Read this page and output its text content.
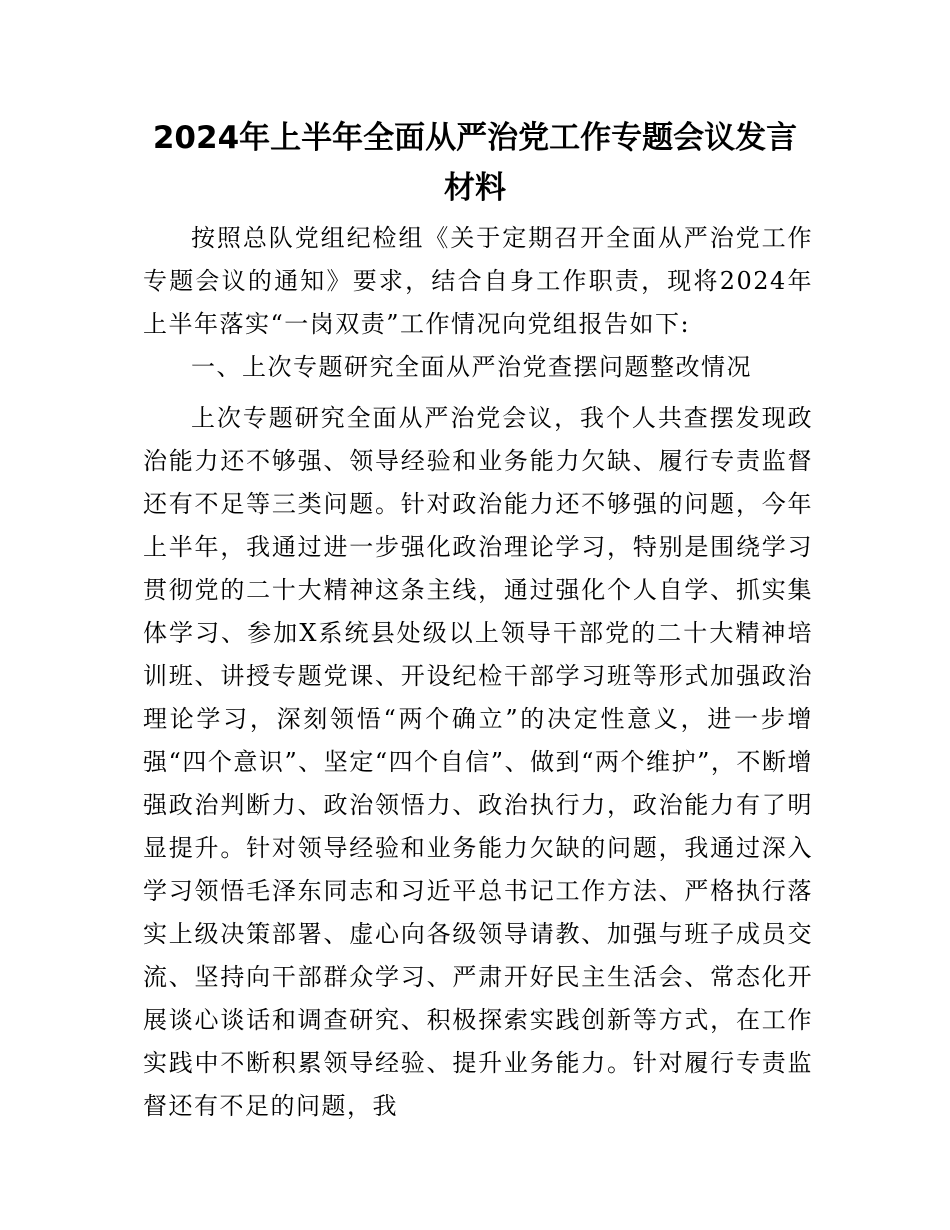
2024年上半年全面从严治党工作专题会议发言材料

按照总队党组纪检组《关于定期召开全面从严治党工作专题会议的通知》要求，结合自身工作职责，现将2024年上半年落实“一岗双责”工作情况向党组报告如下:

一、上次专题研究全面从严治党查摆问题整改情况

上次专题研究全面从严治党会议，我个人共查摆发现政治能力还不够强、领导经验和业务能力欠缺、履行专责监督还有不足等三类问题。针对政治能力还不够强的问题，今年上半年，我通过进一步强化政治理论学习，特别是围绕学习贯彻党的二十大精神这条主线，通过强化个人自学、抓实集体学习、参加X系统县处级以上领导干部党的二十大精神培训班、讲授专题党课、开设纪检干部学习班等形式加强政治理论学习，深刻领悟“两个确立”的决定性意义，进一步增强“四个意识”、坚定“四个自信”、做到“两个维护”，不断增强政治判断力、政治领悟力、政治执行力，政治能力有了明显提升。针对领导经验和业务能力欠缺的问题，我通过深入学习领悟毛泽东同志和习近平总书记工作方法、严格执行落实上级决策部署、虚心向各级领导请教、加强与班子成员交流、坚持向干部群众学习、严肃开好民主生活会、常态化开展谈心谈话和调查研究、积极探索实践创新等方式，在工作实践中不断积累领导经验、提升业务能力。针对履行专责监督还有不足的问题，我
